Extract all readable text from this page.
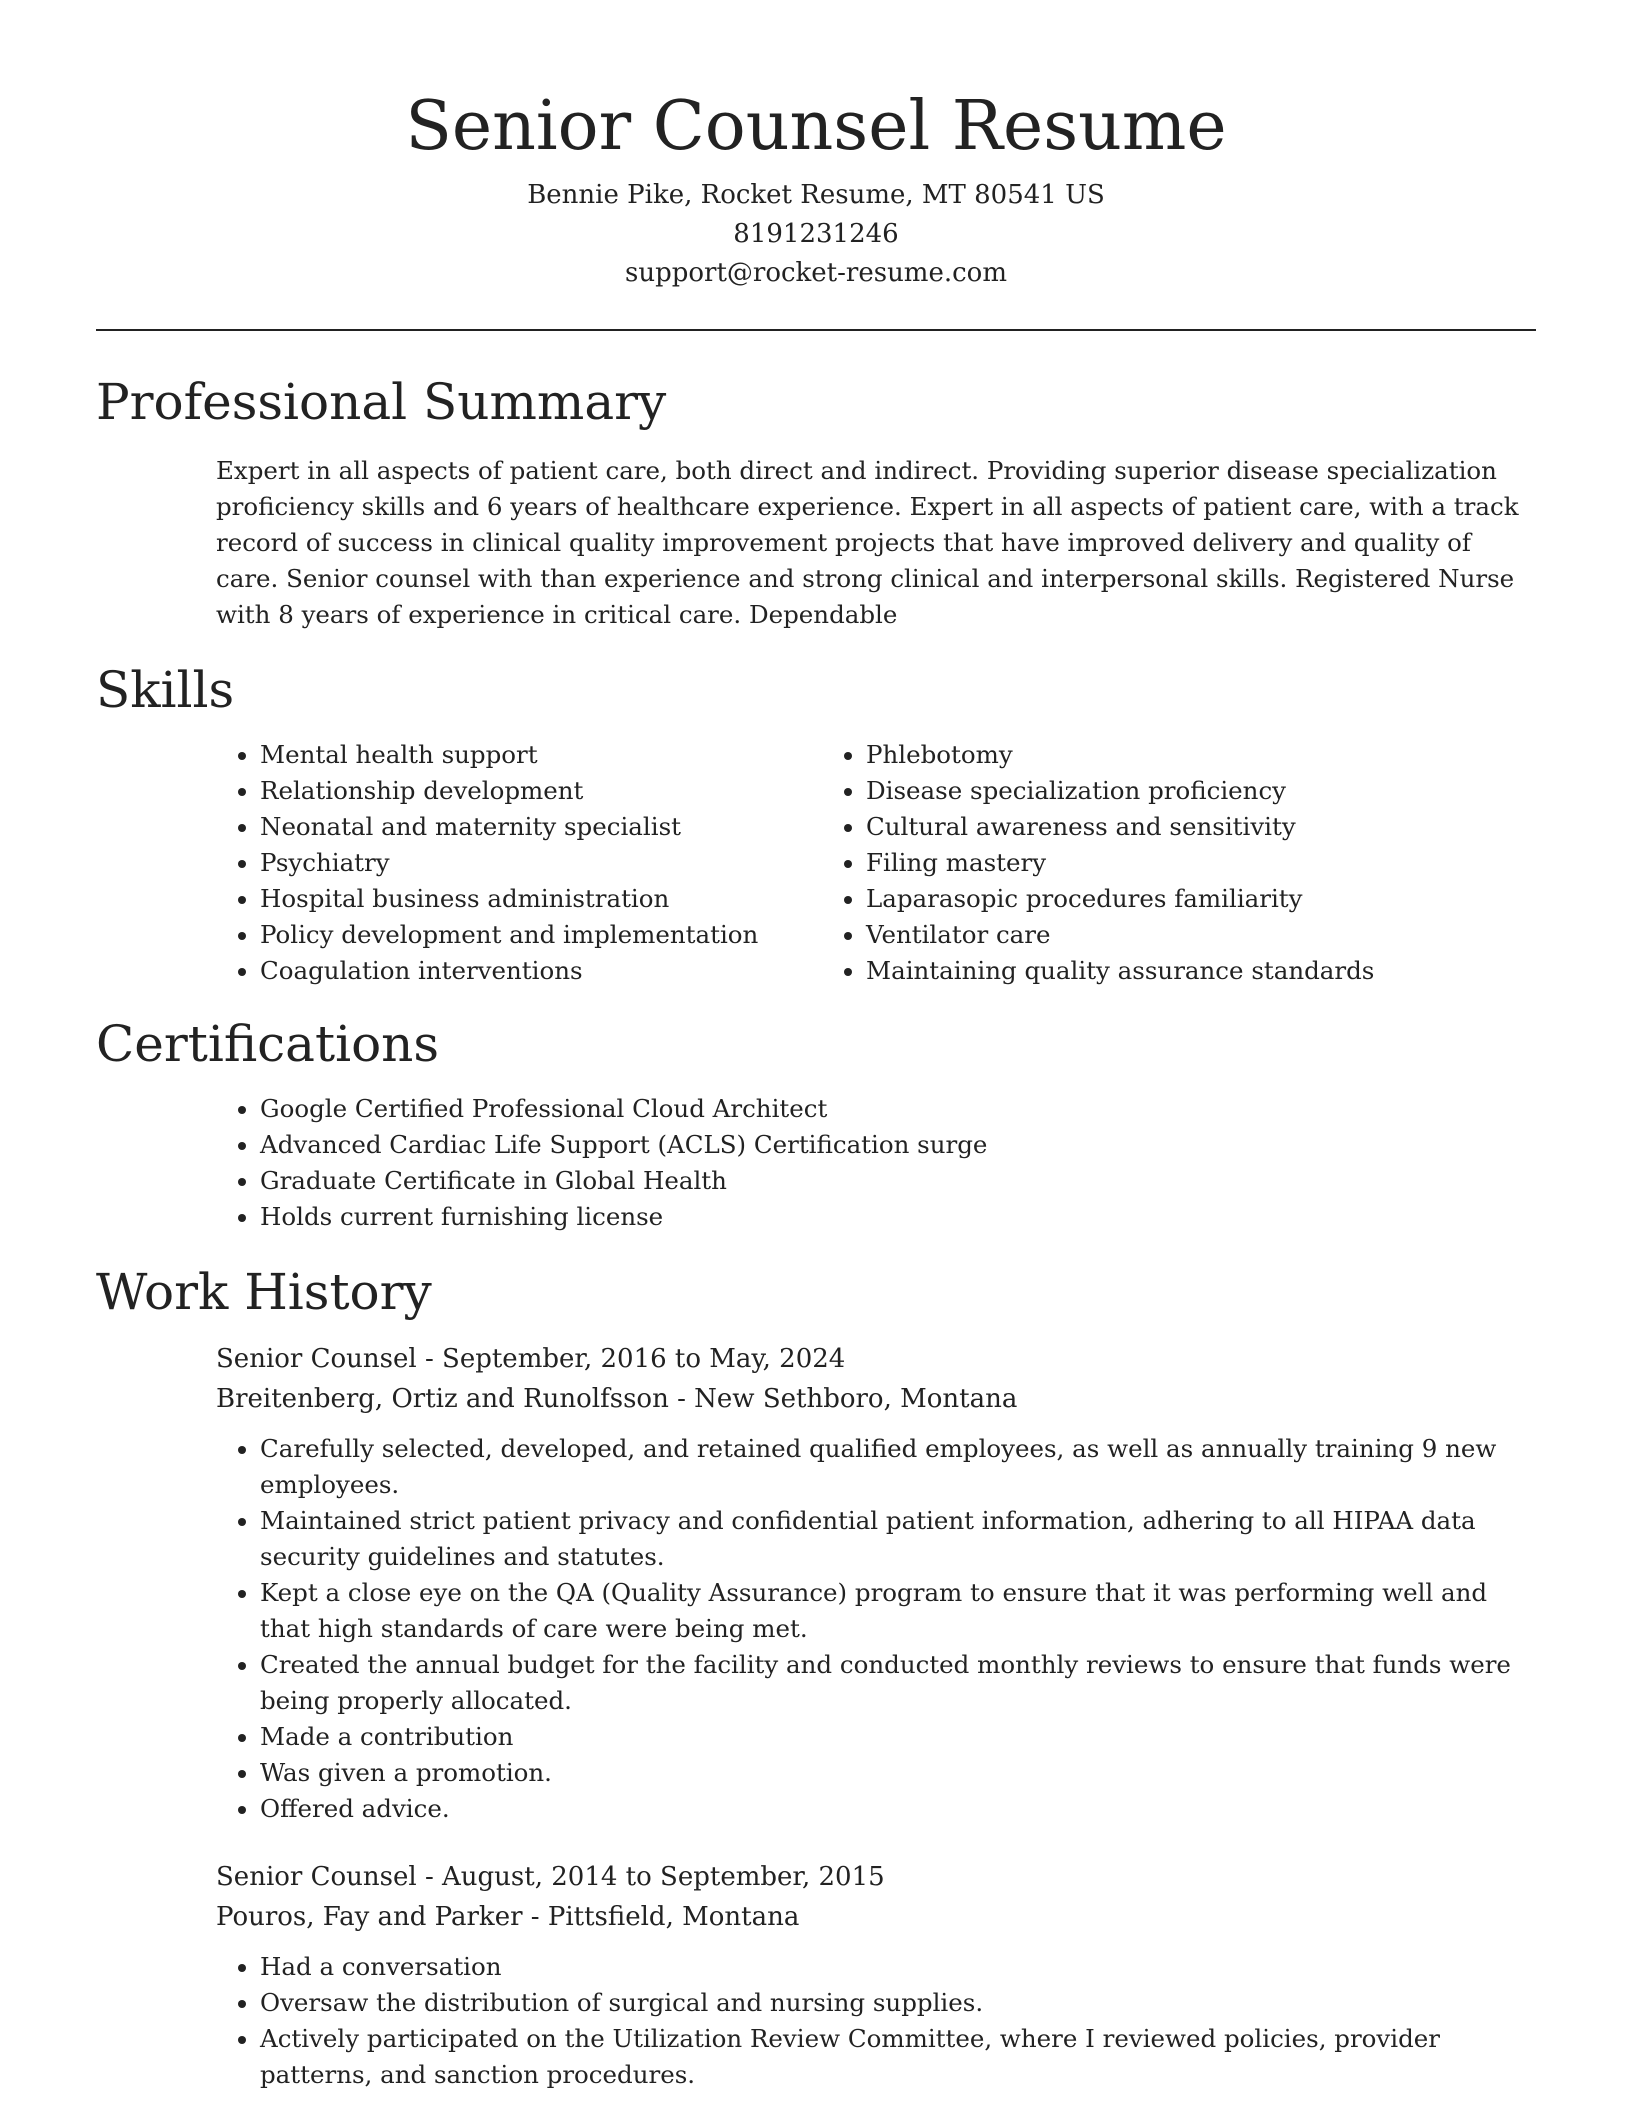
Senior Counsel Resume
Bennie Pike, Rocket Resume, MT 80541 US
8191231246
support@rocket-resume.com
Professional Summary

Expert in all aspects of patient care, both direct and indirect. Providing superior disease specialization proficiency skills and 6 years of healthcare experience. Expert in all aspects of patient care, with a track record of success in clinical quality improvement projects that have improved delivery and quality of care. Senior counsel with than experience and strong clinical and interpersonal skills. Registered Nurse with 8 years of experience in critical care. Dependable

Skills
• Mental health support
• Relationship development
• Neonatal and maternity specialist
• Psychiatry
• Hospital business administration
• Policy development and implementation
• Coagulation interventions
• Phlebotomy
• Disease specialization proficiency
• Cultural awareness and sensitivity
• Filing mastery
• Laparasopic procedures familiarity
• Ventilator care
• Maintaining quality assurance standards
Certifications
• Google Certified Professional Cloud Architect
• Advanced Cardiac Life Support (ACLS) Certification surge
• Graduate Certificate in Global Health
• Holds current furnishing license
Work History
Senior Counsel - September, 2016 to May, 2024
Breitenberg, Ortiz and Runolfsson - New Sethboro, Montana
• Carefully selected, developed, and retained qualified employees, as well as annually training 9 new employees.
• Maintained strict patient privacy and confidential patient information, adhering to all HIPAA data security guidelines and statutes.
• Kept a close eye on the QA (Quality Assurance) program to ensure that it was performing well and that high standards of care were being met.
• Created the annual budget for the facility and conducted monthly reviews to ensure that funds were being properly allocated.
• Made a contribution
• Was given a promotion.
• Offered advice.
Senior Counsel - August, 2014 to September, 2015
Pouros, Fay and Parker - Pittsfield, Montana
• Had a conversation
• Oversaw the distribution of surgical and nursing supplies.
• Actively participated on the Utilization Review Committee, where I reviewed policies, provider patterns, and sanction procedures.
